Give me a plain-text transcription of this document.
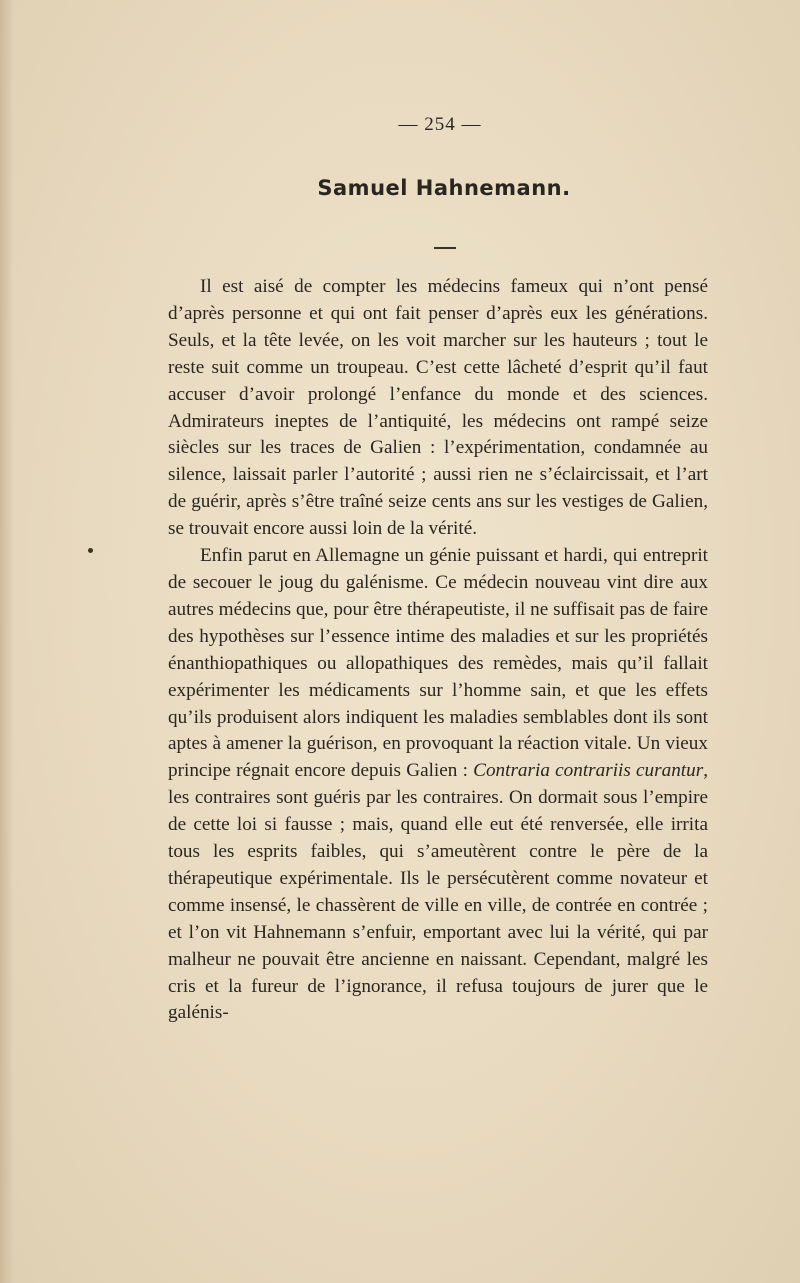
— 254 —
Samuel Hahnemann.

Il est aisé de compter les médecins fameux qui n’ont pensé d’après personne et qui ont fait penser d’après eux les générations. Seuls, et la tête levée, on les voit marcher sur les hauteurs ; tout le reste suit comme un troupeau. C’est cette lâcheté d’esprit qu’il faut accuser d’avoir prolongé l’enfance du monde et des sciences. Admirateurs ineptes de l’antiquité, les médecins ont rampé seize siècles sur les traces de Galien : l’expérimentation, condamnée au silence, laissait parler l’autorité ; aussi rien ne s’éclaircissait, et l’art de guérir, après s’être traîné seize cents ans sur les vestiges de Galien, se trouvait encore aussi loin de la vérité.

Enfin parut en Allemagne un génie puissant et hardi, qui entreprit de secouer le joug du galénisme. Ce médecin nouveau vint dire aux autres médecins que, pour être thérapeutiste, il ne suffisait pas de faire des hypothèses sur l’essence intime des maladies et sur les propriétés énanthiopathiques ou allopathiques des remèdes, mais qu’il fallait expérimenter les médicaments sur l’homme sain, et que les effets qu’ils produisent alors indiquent les maladies semblables dont ils sont aptes à amener la guérison, en provoquant la réaction vitale. Un vieux principe régnait encore depuis Galien : Contraria contrariis curantur, les contraires sont guéris par les contraires. On dormait sous l’empire de cette loi si fausse ; mais, quand elle eut été renversée, elle irrita tous les esprits faibles, qui s’ameutèrent contre le père de la thérapeutique expérimentale. Ils le persécutèrent comme novateur et comme insensé, le chassèrent de ville en ville, de contrée en contrée ; et l’on vit Hahnemann s’enfuir, emportant avec lui la vérité, qui par malheur ne pouvait être ancienne en naissant. Cependant, malgré les cris et la fureur de l’ignorance, il refusa toujours de jurer que le galénis-
